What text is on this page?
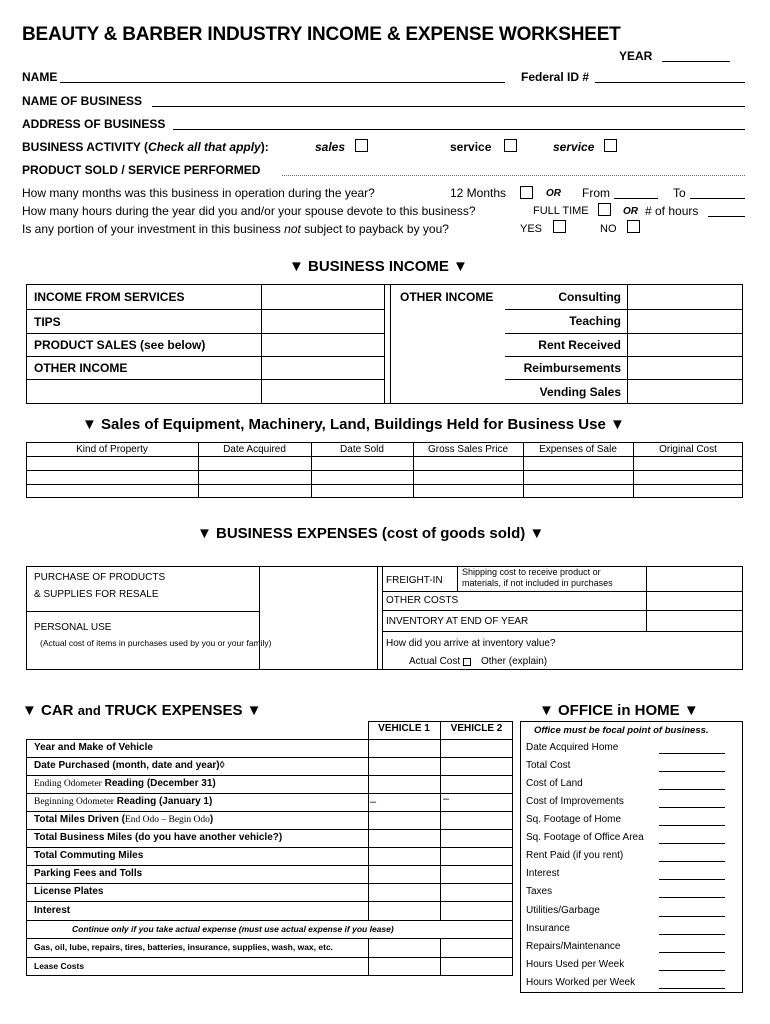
BEAUTY & BARBER INDUSTRY INCOME & EXPENSE WORKSHEET
YEAR
NAME	Federal ID #
NAME OF BUSINESS
ADDRESS OF BUSINESS
BUSINESS ACTIVITY (Check all that apply):	sales	service	service
PRODUCT SOLD / SERVICE PERFORMED
How many months was this business in operation during the year?	12 Months	OR From	To
How many hours during the year did you and/or your spouse devote to this business?	FULL TIME	OR # of hours
Is any portion of your investment in this business not subject to payback by you?	YES	NO
▼ BUSINESS INCOME ▼
INCOME FROM SERVICES
TIPS
PRODUCT SALES (see below)
OTHER INCOME
OTHER INCOME	Consulting
Teaching
Rent Received
Reimbursements
Vending Sales
▼ Sales of Equipment, Machinery, Land, Buildings Held for Business Use ▼
Kind of Property	Date Acquired	Date Sold	Gross Sales Price	Expenses of Sale	Original Cost
▼ BUSINESS EXPENSES (cost of goods sold) ▼
PURCHASE OF PRODUCTS
& SUPPLIES FOR RESALE
PERSONAL USE
(Actual cost of items in purchases used by you or your family)
FREIGHT-IN
Shipping cost to receive product or
materials, if not included in purchases
OTHER COSTS
INVENTORY AT END OF YEAR
How did you arrive at inventory value?
Actual Cost Other (explain)
▼ CAR and TRUCK EXPENSES ▼
VEHICLE 1	VEHICLE 2
Year and Make of Vehicle
Date Purchased (month, date and year)◊
Ending Odometer Reading (December 31)
Beginning Odometer Reading (January 1)	–	–
Total Miles Driven (End Odo – Begin Odo)
Total Business Miles (do you have another vehicle?)
Total Commuting Miles
Parking Fees and Tolls
License Plates
Interest
Continue only if you take actual expense (must use actual expense if you lease)
Gas, oil, lube, repairs, tires, batteries, insurance, supplies, wash, wax, etc.
Lease Costs
▼ OFFICE in HOME ▼
Office must be focal point of business.
Date Acquired Home
Total Cost
Cost of Land
Cost of Improvements
Sq. Footage of Home
Sq. Footage of Office Area
Rent Paid (if you rent)
Interest
Taxes
Utilities/Garbage
Insurance
Repairs/Maintenance
Hours Used per Week
Hours Worked per Week
